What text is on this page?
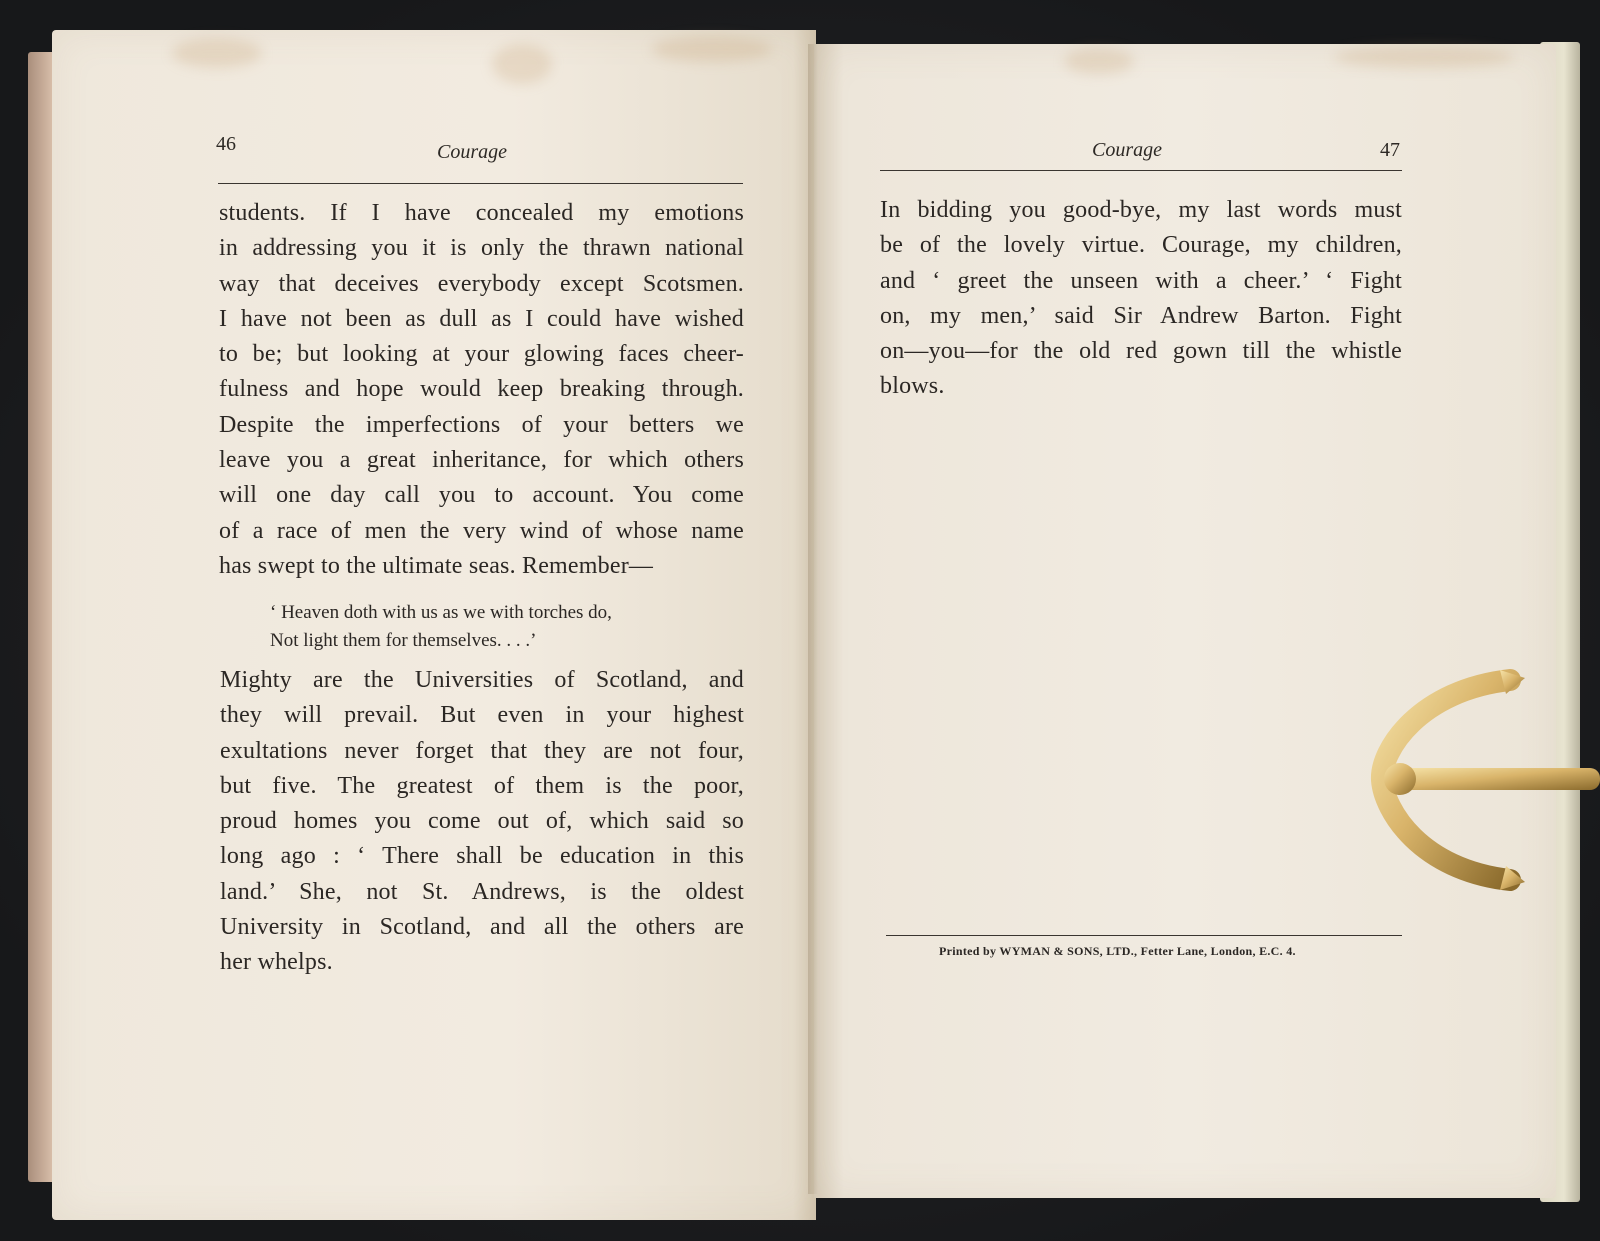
46	Courage
students. If I have concealed my emotions
in addressing you it is only the thrawn national
way that deceives everybody except Scotsmen.
I have not been as dull as I could have wished
to be; but looking at your glowing faces cheer-
fulness and hope would keep breaking through.
Despite the imperfections of your betters we
leave you a great inheritance, for which others
will one day call you to account. You come
of a race of men the very wind of whose name
has swept to the ultimate seas. Remember—
‘ Heaven doth with us as we with torches do,
Not light them for themselves. . . .’
Mighty are the Universities of Scotland, and
they will prevail. But even in your highest
exultations never forget that they are not four,
but five. The greatest of them is the poor,
proud homes you come out of, which said so
long ago : ‘ There shall be education in this
land.’ She, not St. Andrews, is the oldest
University in Scotland, and all the others are
her whelps.
Courage	47
In bidding you good-bye, my last words must
be of the lovely virtue. Courage, my children,
and ‘ greet the unseen with a cheer.’ ‘ Fight
on, my men,’ said Sir Andrew Barton. Fight
on—you—for the old red gown till the whistle
blows.
Printed by WYMAN & SONS, LTD., Fetter Lane, London, E.C. 4.
